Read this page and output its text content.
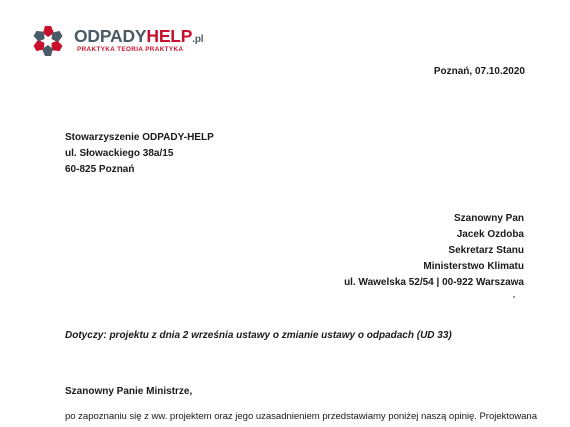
ODPADYHELP.pl
PRAKTYKA TEORIA PRAKTYKA
Poznań, 07.10.2020
Stowarzyszenie ODPADY-HELP
ul. Słowackiego 38a/15
60-825 Poznań
Szanowny Pan
Jacek Ozdoba
Sekretarz Stanu
Ministerstwo Klimatu
ul. Wawelska 52/54 | 00-922 Warszawa
Dotyczy: projektu z dnia 2 września ustawy o zmianie ustawy o odpadach (UD 33)
Szanowny Panie Ministrze,
po zapoznaniu się z ww. projektem oraz jego uzasadnieniem przedstawiamy poniżej naszą opinię. Projektowana
